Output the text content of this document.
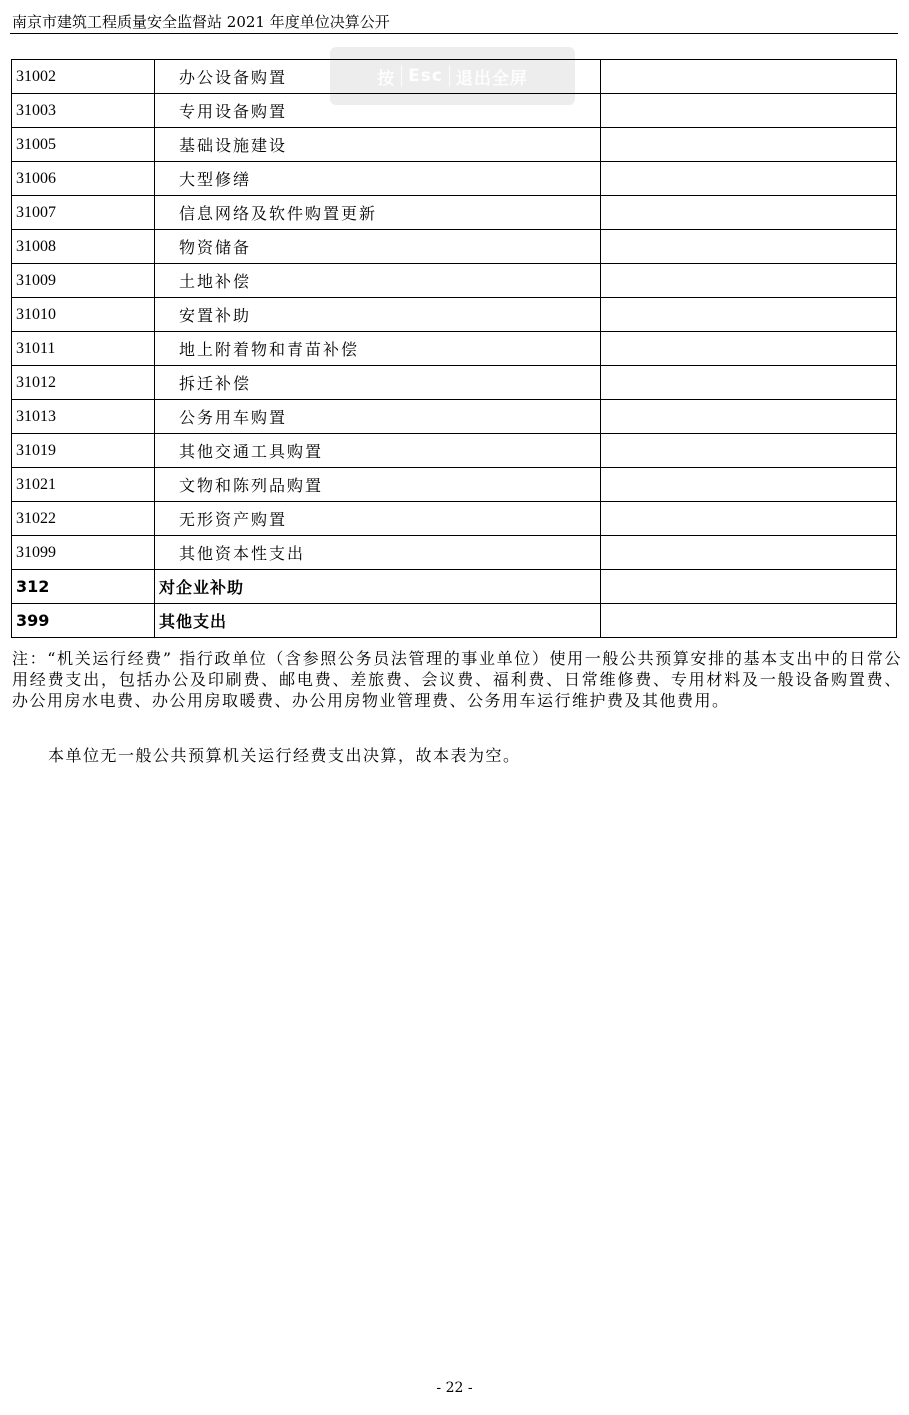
南京市建筑工程质量安全监督站 2021 年度单位决算公开
31002	办公设备购置	
31003	专用设备购置	
31005	基础设施建设	
31006	大型修缮	
31007	信息网络及软件购置更新	
31008	物资储备	
31009	土地补偿	
31010	安置补助	
31011	地上附着物和青苗补偿	
31012	拆迁补偿	
31013	公务用车购置	
31019	其他交通工具购置	
31021	文物和陈列品购置	
31022	无形资产购置	
31099	其他资本性支出	
312	对企业补助	
399	其他支出	
按 Esc 退出全屏
注：“机关运行经费” 指行政单位（含参照公务员法管理的事业单位）使用一般公共预算安排的基本支出中的日常公用经费支出，包括办公及印刷费、邮电费、差旅费、会议费、福利费、日常维修费、专用材料及一般设备购置费、办公用房水电费、办公用房取暖费、办公用房物业管理费、公务用车运行维护费及其他费用。
本单位无一般公共预算机关运行经费支出决算，故本表为空。
- 22 -
